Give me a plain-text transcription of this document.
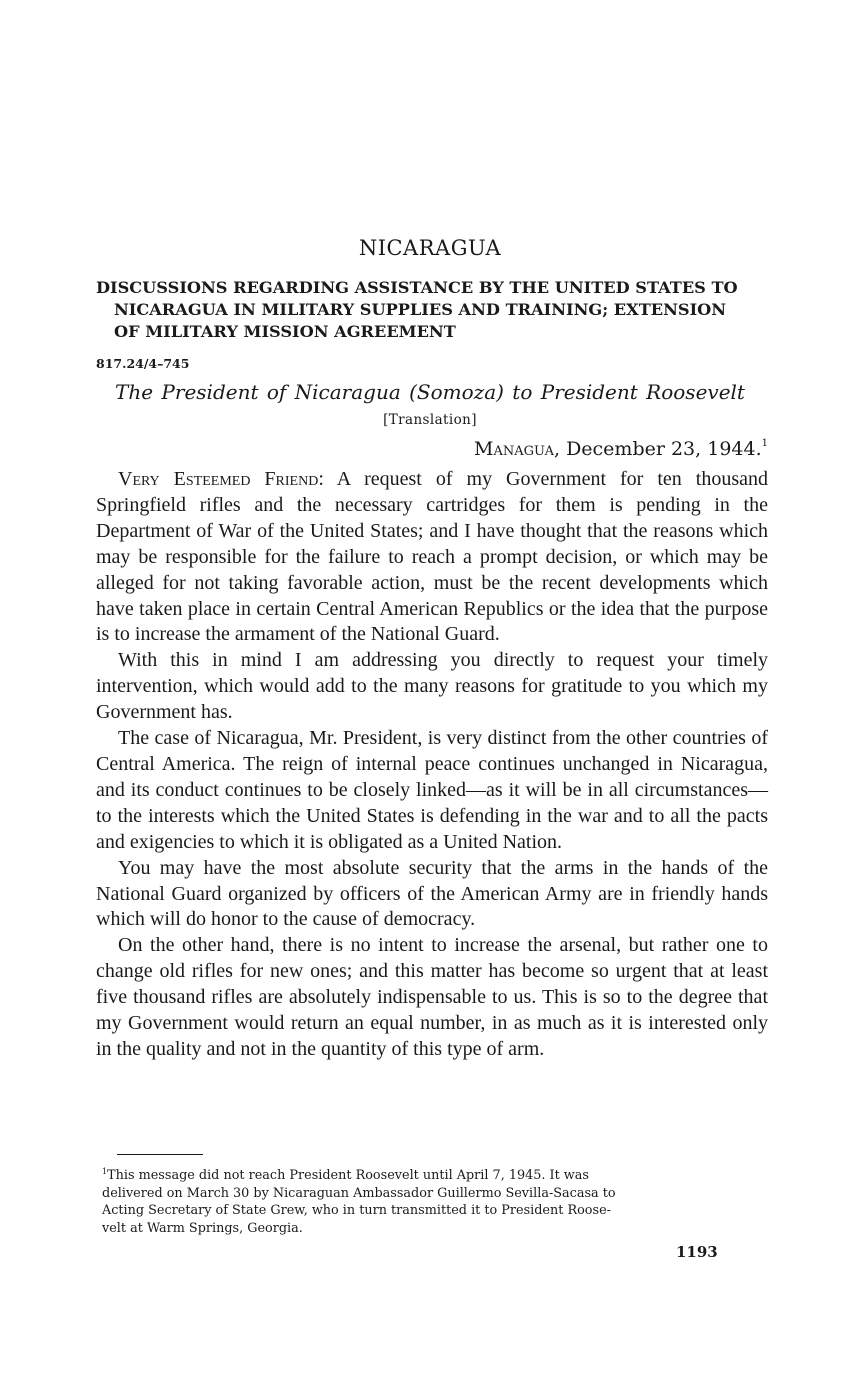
NICARAGUA
DISCUSSIONS REGARDING ASSISTANCE BY THE UNITED STATES TO
NICARAGUA IN MILITARY SUPPLIES AND TRAINING; EXTENSION
OF MILITARY MISSION AGREEMENT
817.24/4–745
The President of Nicaragua (Somoza) to President Roosevelt
[Translation]
Managua, December 23, 1944.$^1$

Very Esteemed Friend: A request of my Government for ten thousand Springfield rifles and the necessary cartridges for them is pending in the Department of War of the United States; and I have thought that the reasons which may be responsible for the failure to reach a prompt decision, or which may be alleged for not taking favorable action, must be the recent developments which have taken place in certain Central American Republics or the idea that the purpose is to increase the armament of the National Guard.

With this in mind I am addressing you directly to request your timely intervention, which would add to the many reasons for gratitude to you which my Government has.

The case of Nicaragua, Mr. President, is very distinct from the other countries of Central America. The reign of internal peace continues unchanged in Nicaragua, and its conduct continues to be closely linked—as it will be in all circumstances—to the interests which the United States is defending in the war and to all the pacts and exigencies to which it is obligated as a United Nation.

You may have the most absolute security that the arms in the hands of the National Guard organized by officers of the American Army are in friendly hands which will do honor to the cause of democracy.

On the other hand, there is no intent to increase the arsenal, but rather one to change old rifles for new ones; and this matter has become so urgent that at least five thousand rifles are absolutely indispensable to us. This is so to the degree that my Government would return an equal number, in as much as it is interested only in the quality and not in the quantity of this type of arm.

$^1$This message did not reach President Roosevelt until April 7, 1945. It was
delivered on March 30 by Nicaraguan Ambassador Guillermo Sevilla-Sacasa to
Acting Secretary of State Grew, who in turn transmitted it to President Roose-
velt at Warm Springs, Georgia.
1193
